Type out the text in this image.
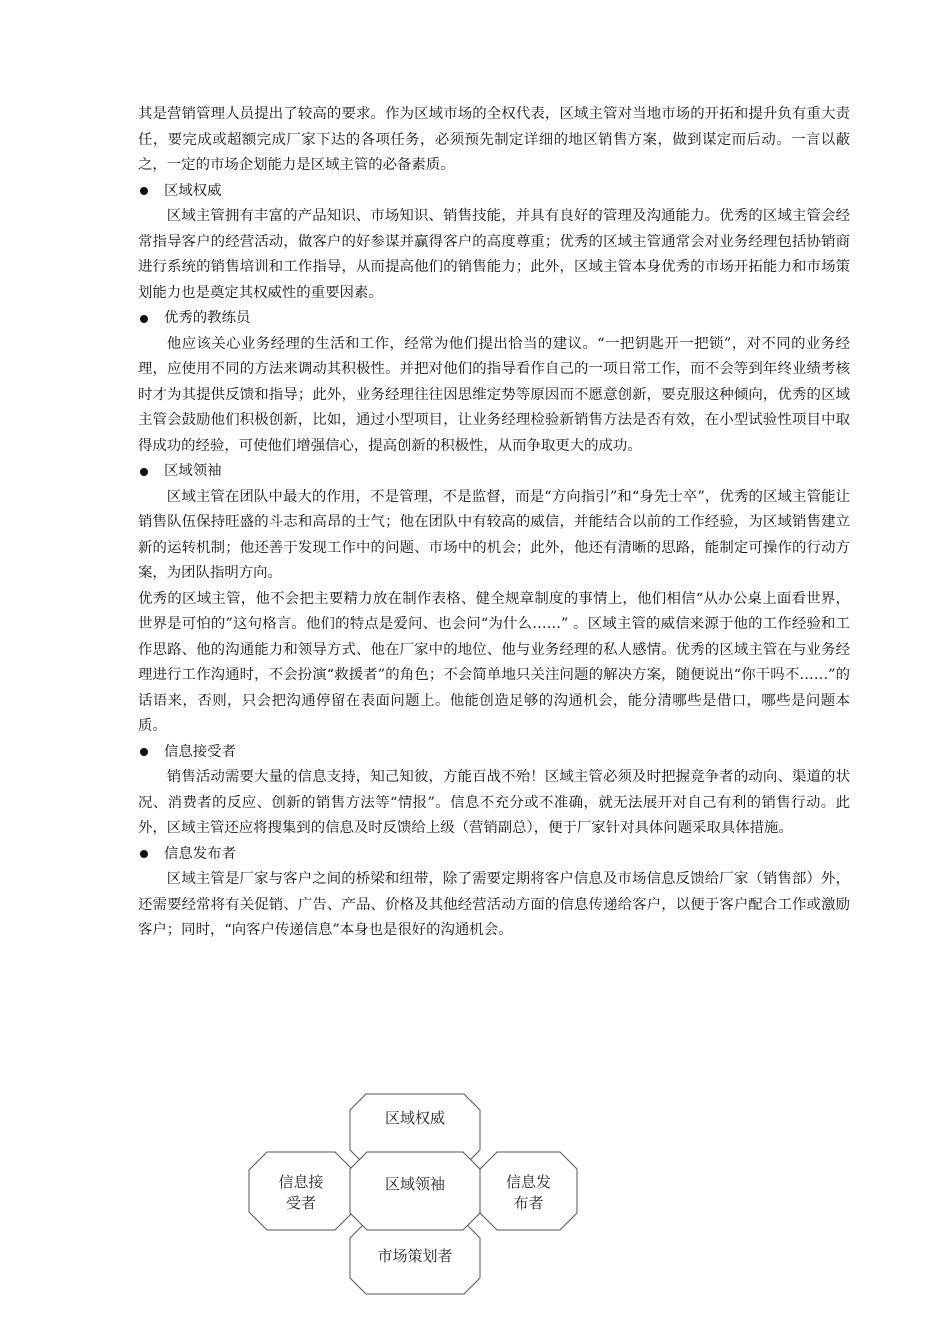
其是营销管理人员提出了较高的要求。作为区域市场的全权代表，区域主管对当地市场的开拓和提升负有重大责任，要完成或超额完成厂家下达的各项任务，必须预先制定详细的地区销售方案，做到谋定而后动。一言以蔽之，一定的市场企划能力是区域主管的必备素质。

区域权威

区域主管拥有丰富的产品知识、市场知识、销售技能，并具有良好的管理及沟通能力。优秀的区域主管会经常指导客户的经营活动，做客户的好参谋并赢得客户的高度尊重；优秀的区域主管通常会对业务经理包括协销商进行系统的销售培训和工作指导，从而提高他们的销售能力；此外，区域主管本身优秀的市场开拓能力和市场策划能力也是奠定其权威性的重要因素。

优秀的教练员

他应该关心业务经理的生活和工作，经常为他们提出恰当的建议。“一把钥匙开一把锁”，对不同的业务经理，应使用不同的方法来调动其积极性。并把对他们的指导看作自己的一项日常工作，而不会等到年终业绩考核时才为其提供反馈和指导；此外，业务经理往往因思维定势等原因而不愿意创新，要克服这种倾向，优秀的区域主管会鼓励他们积极创新，比如，通过小型项目，让业务经理检验新销售方法是否有效，在小型试验性项目中取得成功的经验，可使他们增强信心，提高创新的积极性，从而争取更大的成功。

区域领袖

区域主管在团队中最大的作用，不是管理，不是监督，而是“方向指引”和“身先士卒”，优秀的区域主管能让销售队伍保持旺盛的斗志和高昂的士气；他在团队中有较高的威信，并能结合以前的工作经验，为区域销售建立新的运转机制；他还善于发现工作中的问题、市场中的机会；此外，他还有清晰的思路，能制定可操作的行动方案，为团队指明方向。

优秀的区域主管，他不会把主要精力放在制作表格、健全规章制度的事情上，他们相信“从办公桌上面看世界，世界是可怕的”这句格言。他们的特点是爱问、也会问“为什么……” 。区域主管的威信来源于他的工作经验和工作思路、他的沟通能力和领导方式、他在厂家中的地位、他与业务经理的私人感情。优秀的区域主管在与业务经理进行工作沟通时，不会扮演“救援者”的角色；不会简单地只关注问题的解决方案，随便说出“你干吗不……”的话语来，否则，只会把沟通停留在表面问题上。他能创造足够的沟通机会，能分清哪些是借口，哪些是问题本质。

信息接受者

销售活动需要大量的信息支持，知己知彼，方能百战不殆！区域主管必须及时把握竞争者的动向、渠道的状况、消费者的反应、创新的销售方法等“情报”。信息不充分或不准确，就无法展开对自己有利的销售行动。此外，区域主管还应将搜集到的信息及时反馈给上级（营销副总），便于厂家针对具体问题采取具体措施。

信息发布者

区域主管是厂家与客户之间的桥梁和纽带，除了需要定期将客户信息及市场信息反馈给厂家（销售部）外，还需要经常将有关促销、广告、产品、价格及其他经营活动方面的信息传递给客户，以便于客户配合工作或激励客户；同时，“向客户传递信息”本身也是很好的沟通机会。

区域权威
区域领袖
信息接
受者
信息发
布者
市场策划者
